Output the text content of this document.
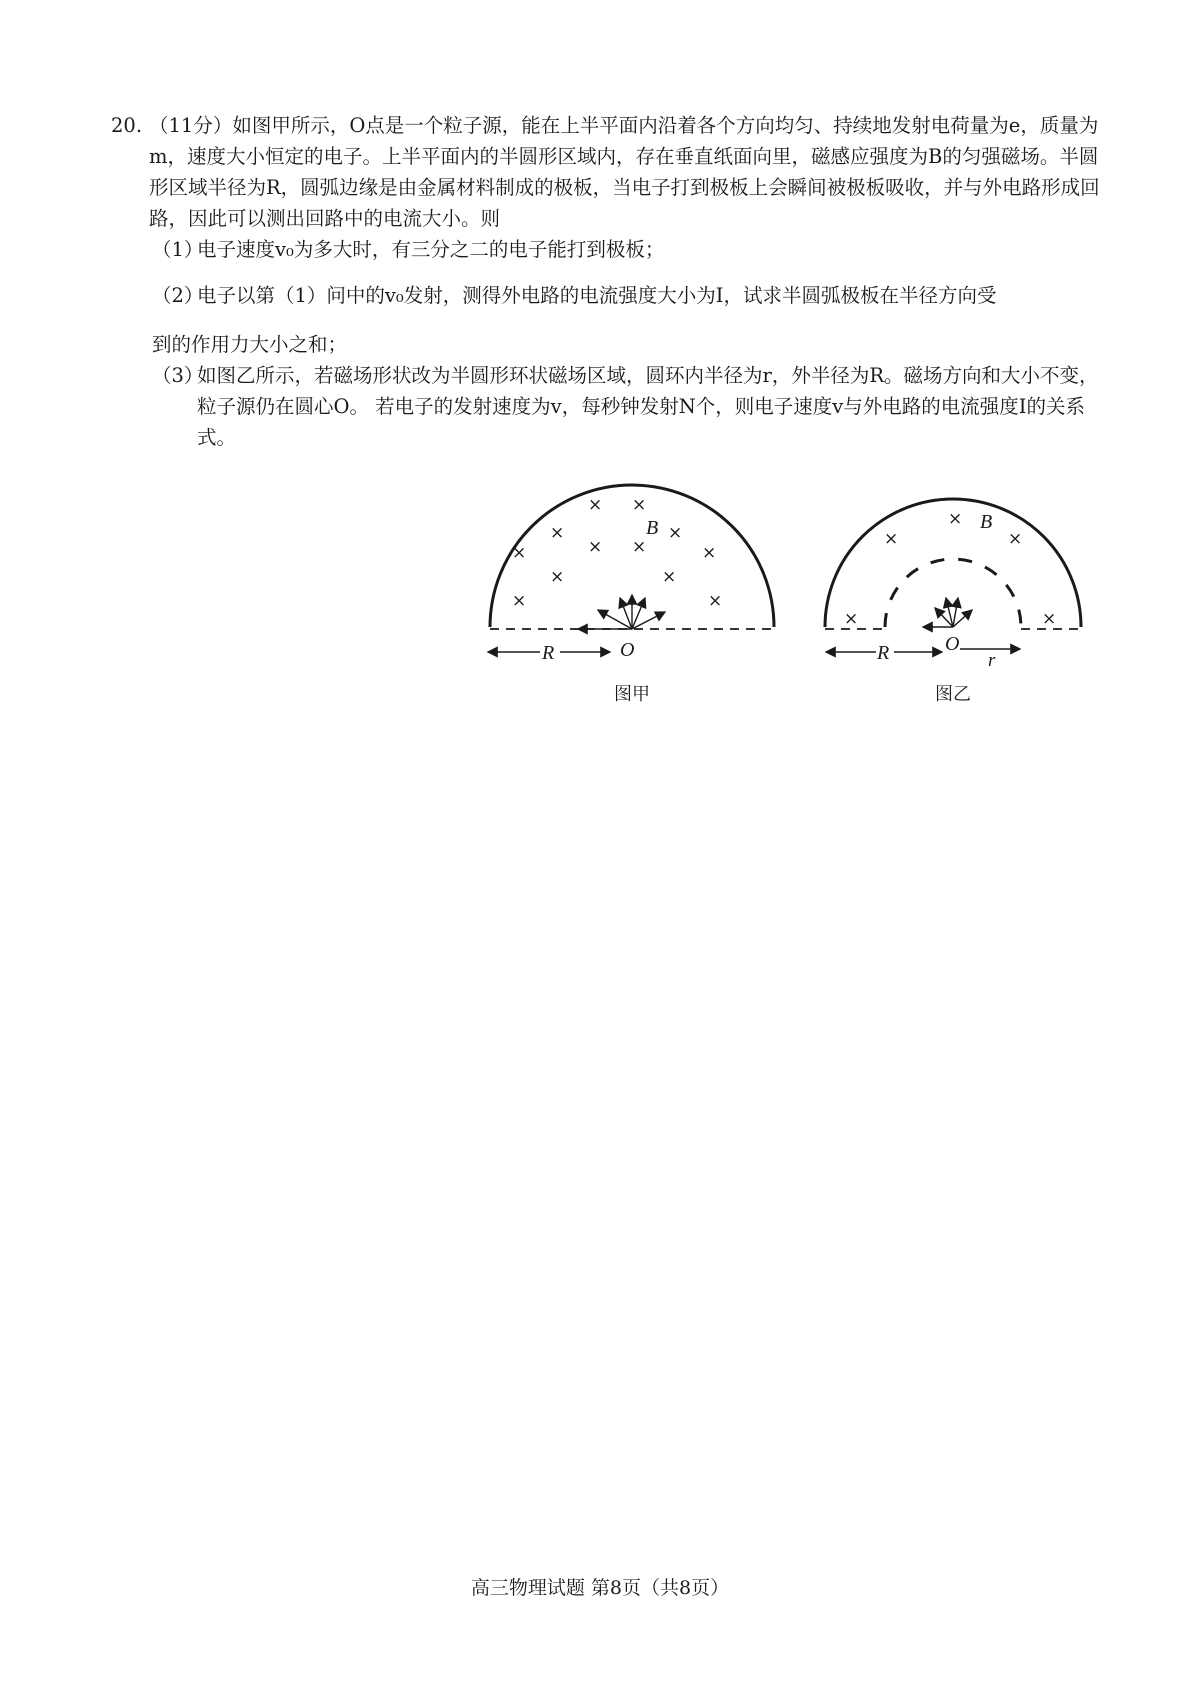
20. （11分）如图甲所示，O点是一个粒子源，能在上半平面内沿着各个方向均匀、持续地发射电荷量为e，质量为m，速度大小恒定的电子。上半平面内的半圆形区域内，存在垂直纸面向里，磁感应强度为B的匀强磁场。半圆形区域半径为R，圆弧边缘是由金属材料制成的极板，当电子打到极板上会瞬间被极板吸收，并与外电路形成回路，因此可以测出回路中的电流大小。则

（1）电子速度v₀为多大时，有三分之二的电子能打到极板；

（2）电子以第（1）问中的v₀发射，测得外电路的电流强度大小为I，试求半圆弧极板在半径方向受
到的作用力大小之和；

（3）如图乙所示，若磁场形状改为半圆形环状磁场区域，圆环内半径为r，外半径为R。磁场方向和大小不变，粒子源仍在圆心O。 若电子的发射速度为v，每秒钟发射N个，则电子速度v与外电路的电流强度I的关系式。

× ×
×	×
× ×
×	×
×	×
×	×
B
R	O
图甲
×
×	×
×	×
B
R	O
r
图乙
高三物理试题 第8页（共8页）
